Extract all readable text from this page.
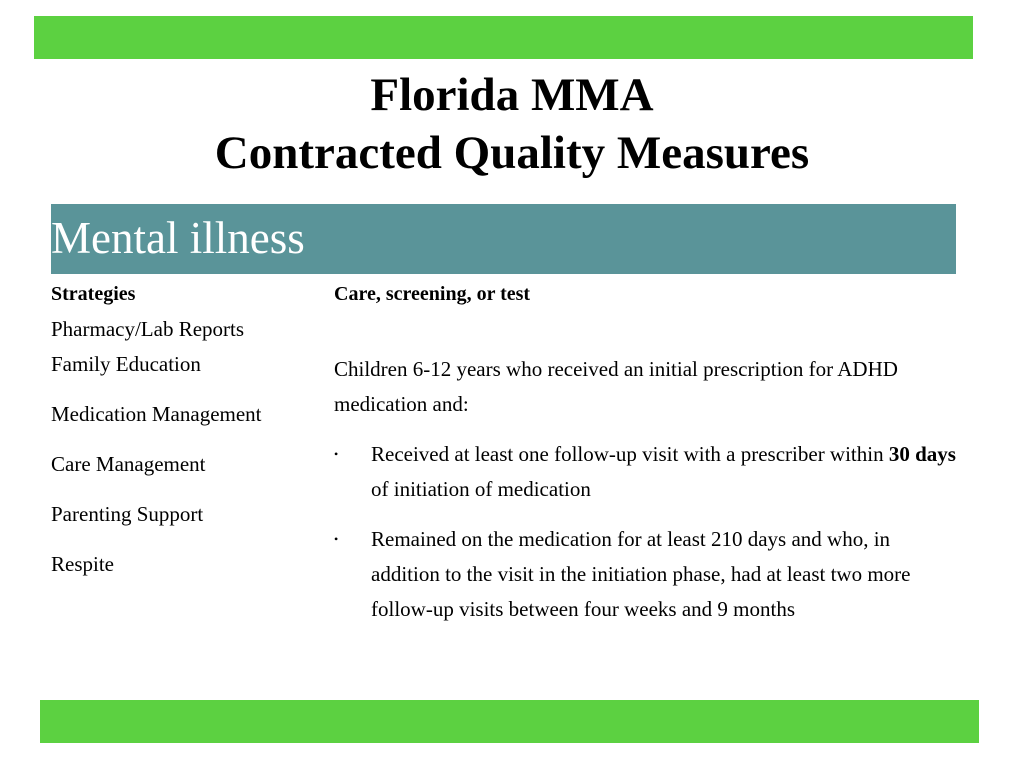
Florida MMA
Contracted Quality Measures
Mental illness

Strategies

Pharmacy/Lab Reports

Family Education

Medication Management

Care Management

Parenting Support

Respite

Care, screening, or test

Children 6-12 years who received an initial prescription for ADHD medication and:

• Received at least one follow-up visit with a prescriber within 30 days of initiation of medication
• Remained on the medication for at least 210 days and who, in addition to the visit in the initiation phase, had at least two more follow-up visits between four weeks and 9 months
